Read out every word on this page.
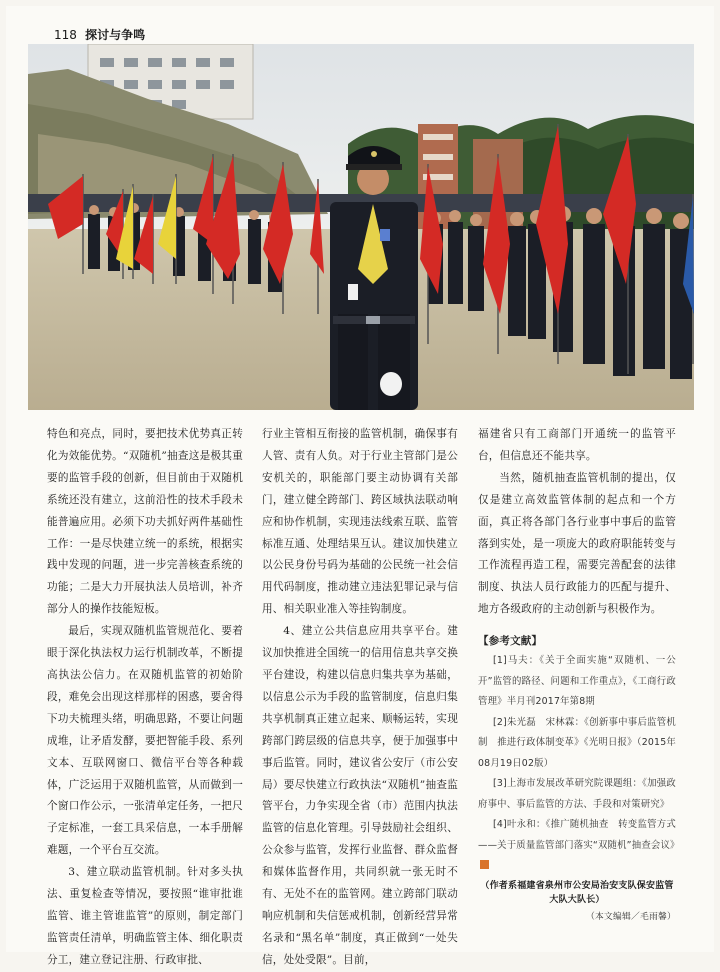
118 探讨与争鸣

特色和亮点，同时，要把技术优势真正转化为效能优势。“双随机”抽查这是极其重要的监管手段的创新，但目前由于双随机系统还没有建立，这前沿性的技术手段未能普遍应用。必须下功夫抓好两件基础性工作：一是尽快建立统一的系统，根据实践中发现的问题，进一步完善核查系统的功能；二是大力开展执法人员培训，补齐部分人的操作技能短板。

最后，实现双随机监管规范化、要着眼于深化执法权力运行机制改革，不断提高执法公信力。在双随机监管的初始阶段，难免会出现这样那样的困惑，要舍得下功夫梳理头绪，明确思路，不要让问题成堆，让矛盾发酵，要把智能手段、系列文本、互联网窗口、微信平台等各种载体，广泛运用于双随机监管，从而做到一个窗口作公示，一张清单定任务，一把尺子定标准，一套工具采信息，一本手册解难题，一个平台互交流。

3、建立联动监管机制。针对多头执法、重复检查等情况，要按照“谁审批谁监管、谁主管谁监管”的原则，制定部门监管责任清单，明确监管主体、细化职责分工，建立登记注册、行政审批、

行业主管相互衔接的监管机制，确保事有人管、责有人负。对于行业主管部门是公安机关的，职能部门要主动协调有关部门，建立健全跨部门、跨区域执法联动响应和协作机制，实现违法线索互联、监管标准互通、处理结果互认。建议加快建立以公民身份号码为基础的公民统一社会信用代码制度，推动建立违法犯罪记录与信用、相关职业准入等挂钩制度。

4、建立公共信息应用共享平台。建议加快推进全国统一的信用信息共享交换平台建设，构建以信息归集共享为基础，以信息公示为手段的监管制度，信息归集共享机制真正建立起来、顺畅运转，实现跨部门跨层级的信息共享，便于加强事中事后监管。同时，建议省公安厅（市公安局）要尽快建立行政执法“双随机”抽查监管平台，力争实现全省（市）范围内执法监管的信息化管理。引导鼓励社会组织、公众参与监管，发挥行业监督、群众监督和媒体监督作用，共同织就一张无时不有、无处不在的监管网。建立跨部门联动响应机制和失信惩戒机制，创新经营异常名录和“黑名单”制度，真正做到“一处失信，处处受限”。目前，

福建省只有工商部门开通统一的监管平台，但信息还不能共享。

当然，随机抽查监管机制的提出，仅仅是建立高效监管体制的起点和一个方面，真正将各部门各行业事中事后的监管落到实处，是一项庞大的政府职能转变与工作流程再造工程，需要完善配套的法律制度、执法人员行政能力的匹配与提升、地方各级政府的主动创新与积极作为。

【参考文献】

[1]马夫：《关于全面实施“双随机、一公开”监管的路径、问题和工作重点》，《工商行政管理》半月刊2017年第8期

[2]朱光磊　宋林霖：《创新事中事后监管机制　推进行政体制变革》《光明日报》（2015年08月19日02版）

[3]上海市发展改革研究院课题组：《加强政府事中、事后监管的方法、手段和对策研究》

[4]叶永和：《推广随机抽查　转变监管方式——关于质量监管部门落实“双随机”抽查会议》

（作者系福建省泉州市公安局治安支队保安监管大队大队长）
（本文编辑／毛雨馨）
